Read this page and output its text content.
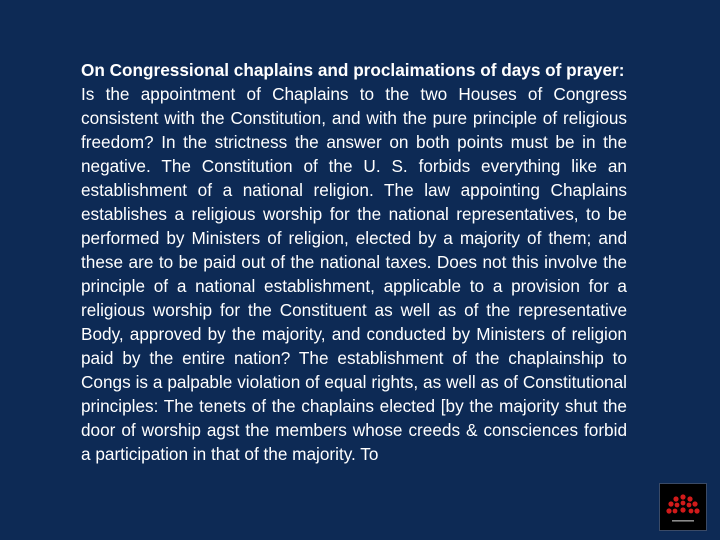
On Congressional chaplains and proclaimations of days of prayer:
Is the appointment of Chaplains to the two Houses of Congress consistent with the Constitution, and with the pure principle of religious freedom? In the strictness the answer on both points must be in the negative. The Constitution of the U. S. forbids everything like an establishment of a national religion. The law appointing Chaplains establishes a religious worship for the national representatives, to be performed by Ministers of religion, elected by a majority of them; and these are to be paid out of the national taxes. Does not this involve the principle of a national establishment, applicable to a provision for a religious worship for the Constituent as well as of the representative Body, approved by the majority, and conducted by Ministers of religion paid by the entire nation? The establishment of the chaplainship to Congs is a palpable violation of equal rights, as well as of Constitutional principles: The tenets of the chaplains elected [by the majority shut the door of worship agst the members whose creeds & consciences forbid a participation in that of the majority. To
